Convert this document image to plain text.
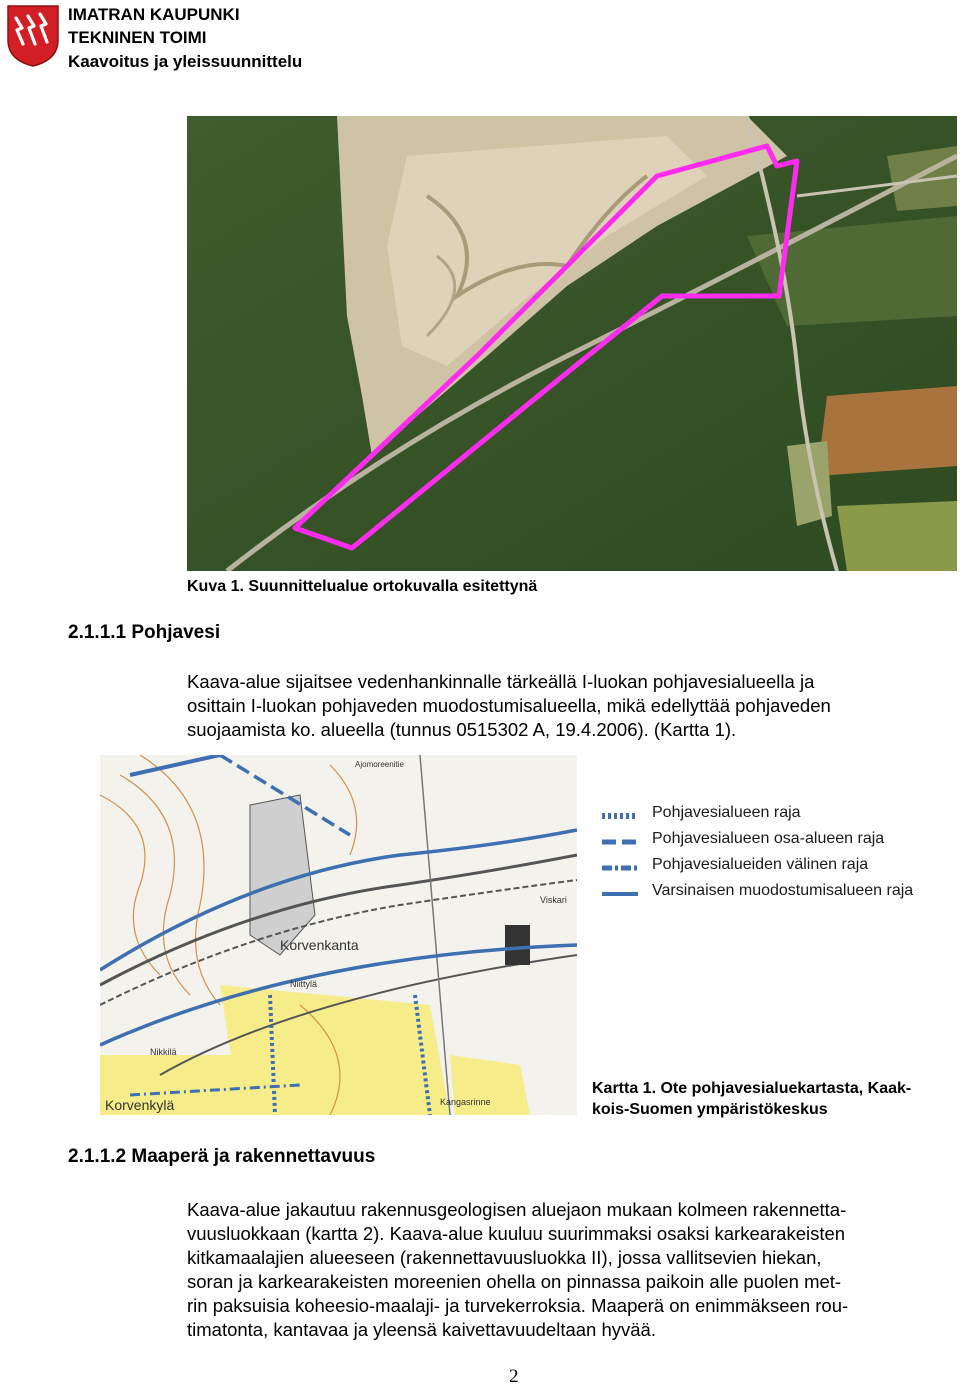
IMATRAN KAUPUNKI
TEKNINEN TOIMI
Kaavoitus ja yleissuunnittelu
Kuva 1. Suunnittelualue ortokuvalla esitettynä
2.1.1.1 Pohjavesi
Kaava-alue sijaitsee vedenhankinnalle tärkeällä I-luokan pohjavesialueella ja
osittain I-luokan pohjaveden muodostumisalueella, mikä edellyttää pohjaveden
suojaamista ko. alueella (tunnus 0515302 A, 19.4.2006). (Kartta 1).
Korvenkanta
Korvenkylä
Niittylä
Nikkilä
Kangasrinne
Viskari
Ajomoreenitie
Pohjavesialueen raja
Pohjavesialueen osa-alueen raja
Pohjavesialueiden välinen raja
Varsinaisen muodostumisalueen raja
Kartta 1. Ote pohjavesialuekartasta, Kaak-
kois-Suomen ympäristökeskus
2.1.1.2 Maaperä ja rakennettavuus
Kaava-alue jakautuu rakennusgeologisen aluejaon mukaan kolmeen rakennetta-
vuusluokkaan (kartta 2). Kaava-alue kuuluu suurimmaksi osaksi karkearakeisten
kitkamaalajien alueeseen (rakennettavuusluokka II), jossa vallitsevien hiekan,
soran ja karkearakeisten moreenien ohella on pinnassa paikoin alle puolen met-
rin paksuisia koheesio-maalaji- ja turvekerroksia. Maaperä on enimmäkseen rou-
timatonta, kantavaa ja yleensä kaivettavuudeltaan hyvää.
2
